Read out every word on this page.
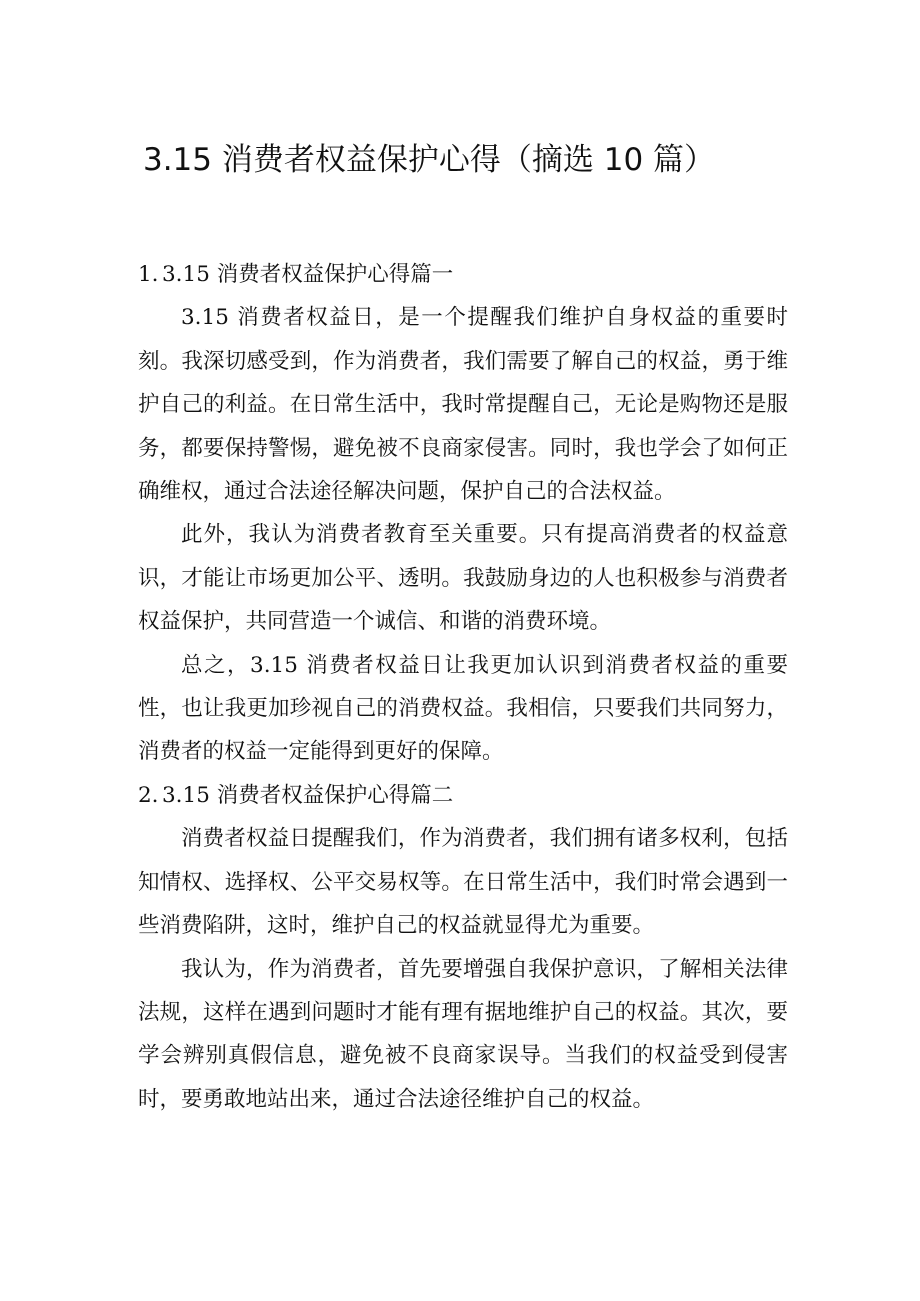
3.15 消费者权益保护心得（摘选 10 篇）
1. 3.15 消费者权益保护心得篇一

3.15 消费者权益日，是一个提醒我们维护自身权益的重要时刻。我深切感受到，作为消费者，我们需要了解自己的权益，勇于维护自己的利益。在日常生活中，我时常提醒自己，无论是购物还是服务，都要保持警惕，避免被不良商家侵害。同时，我也学会了如何正确维权，通过合法途径解决问题，保护自己的合法权益。

此外，我认为消费者教育至关重要。只有提高消费者的权益意识，才能让市场更加公平、透明。我鼓励身边的人也积极参与消费者权益保护，共同营造一个诚信、和谐的消费环境。

总之，3.15 消费者权益日让我更加认识到消费者权益的重要性，也让我更加珍视自己的消费权益。我相信，只要我们共同努力，消费者的权益一定能得到更好的保障。

2. 3.15 消费者权益保护心得篇二

消费者权益日提醒我们，作为消费者，我们拥有诸多权利，包括知情权、选择权、公平交易权等。在日常生活中，我们时常会遇到一些消费陷阱，这时，维护自己的权益就显得尤为重要。

我认为，作为消费者，首先要增强自我保护意识，了解相关法律法规，这样在遇到问题时才能有理有据地维护自己的权益。其次，要学会辨别真假信息，避免被不良商家误导。当我们的权益受到侵害时，要勇敢地站出来，通过合法途径维护自己的权益。
